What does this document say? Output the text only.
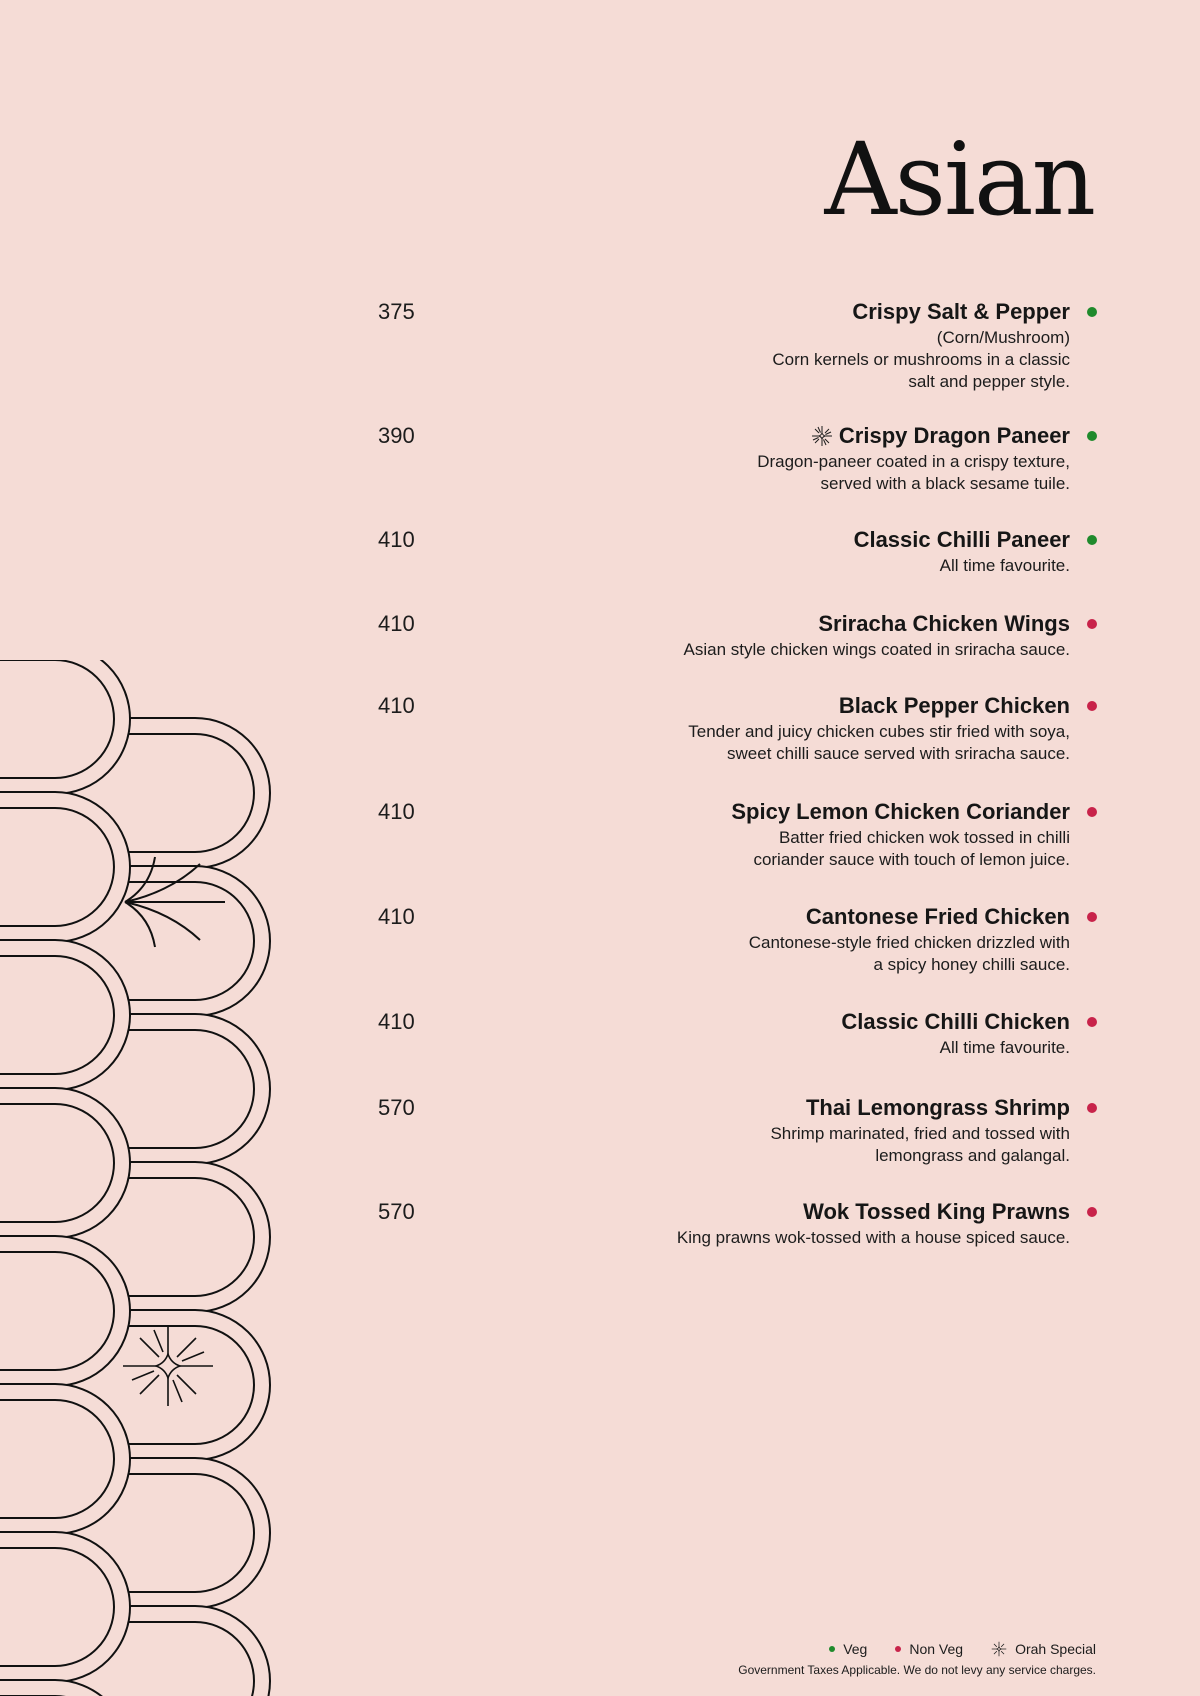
Asian
375	Crispy Salt & Pepper
(Corn/Mushroom)
Corn kernels or mushrooms in a classic
salt and pepper style.
390	Crispy Dragon Paneer
Dragon-paneer coated in a crispy texture,
served with a black sesame tuile.
410	Classic Chilli Paneer
All time favourite.
410	Sriracha Chicken Wings
Asian style chicken wings coated in sriracha sauce.
410	Black Pepper Chicken
Tender and juicy chicken cubes stir fried with soya,
sweet chilli sauce served with sriracha sauce.
410	Spicy Lemon Chicken Coriander
Batter fried chicken wok tossed in chilli
coriander sauce with touch of lemon juice.
410	Cantonese Fried Chicken
Cantonese-style fried chicken drizzled with
a spicy honey chilli sauce.
410	Classic Chilli Chicken
All time favourite.
570	Thai Lemongrass Shrimp
Shrimp marinated, fried and tossed with
lemongrass and galangal.
570	Wok Tossed King Prawns
King prawns wok-tossed with a house spiced sauce.
Veg	Non Veg	Orah Special
Government Taxes Applicable. We do not levy any service charges.
